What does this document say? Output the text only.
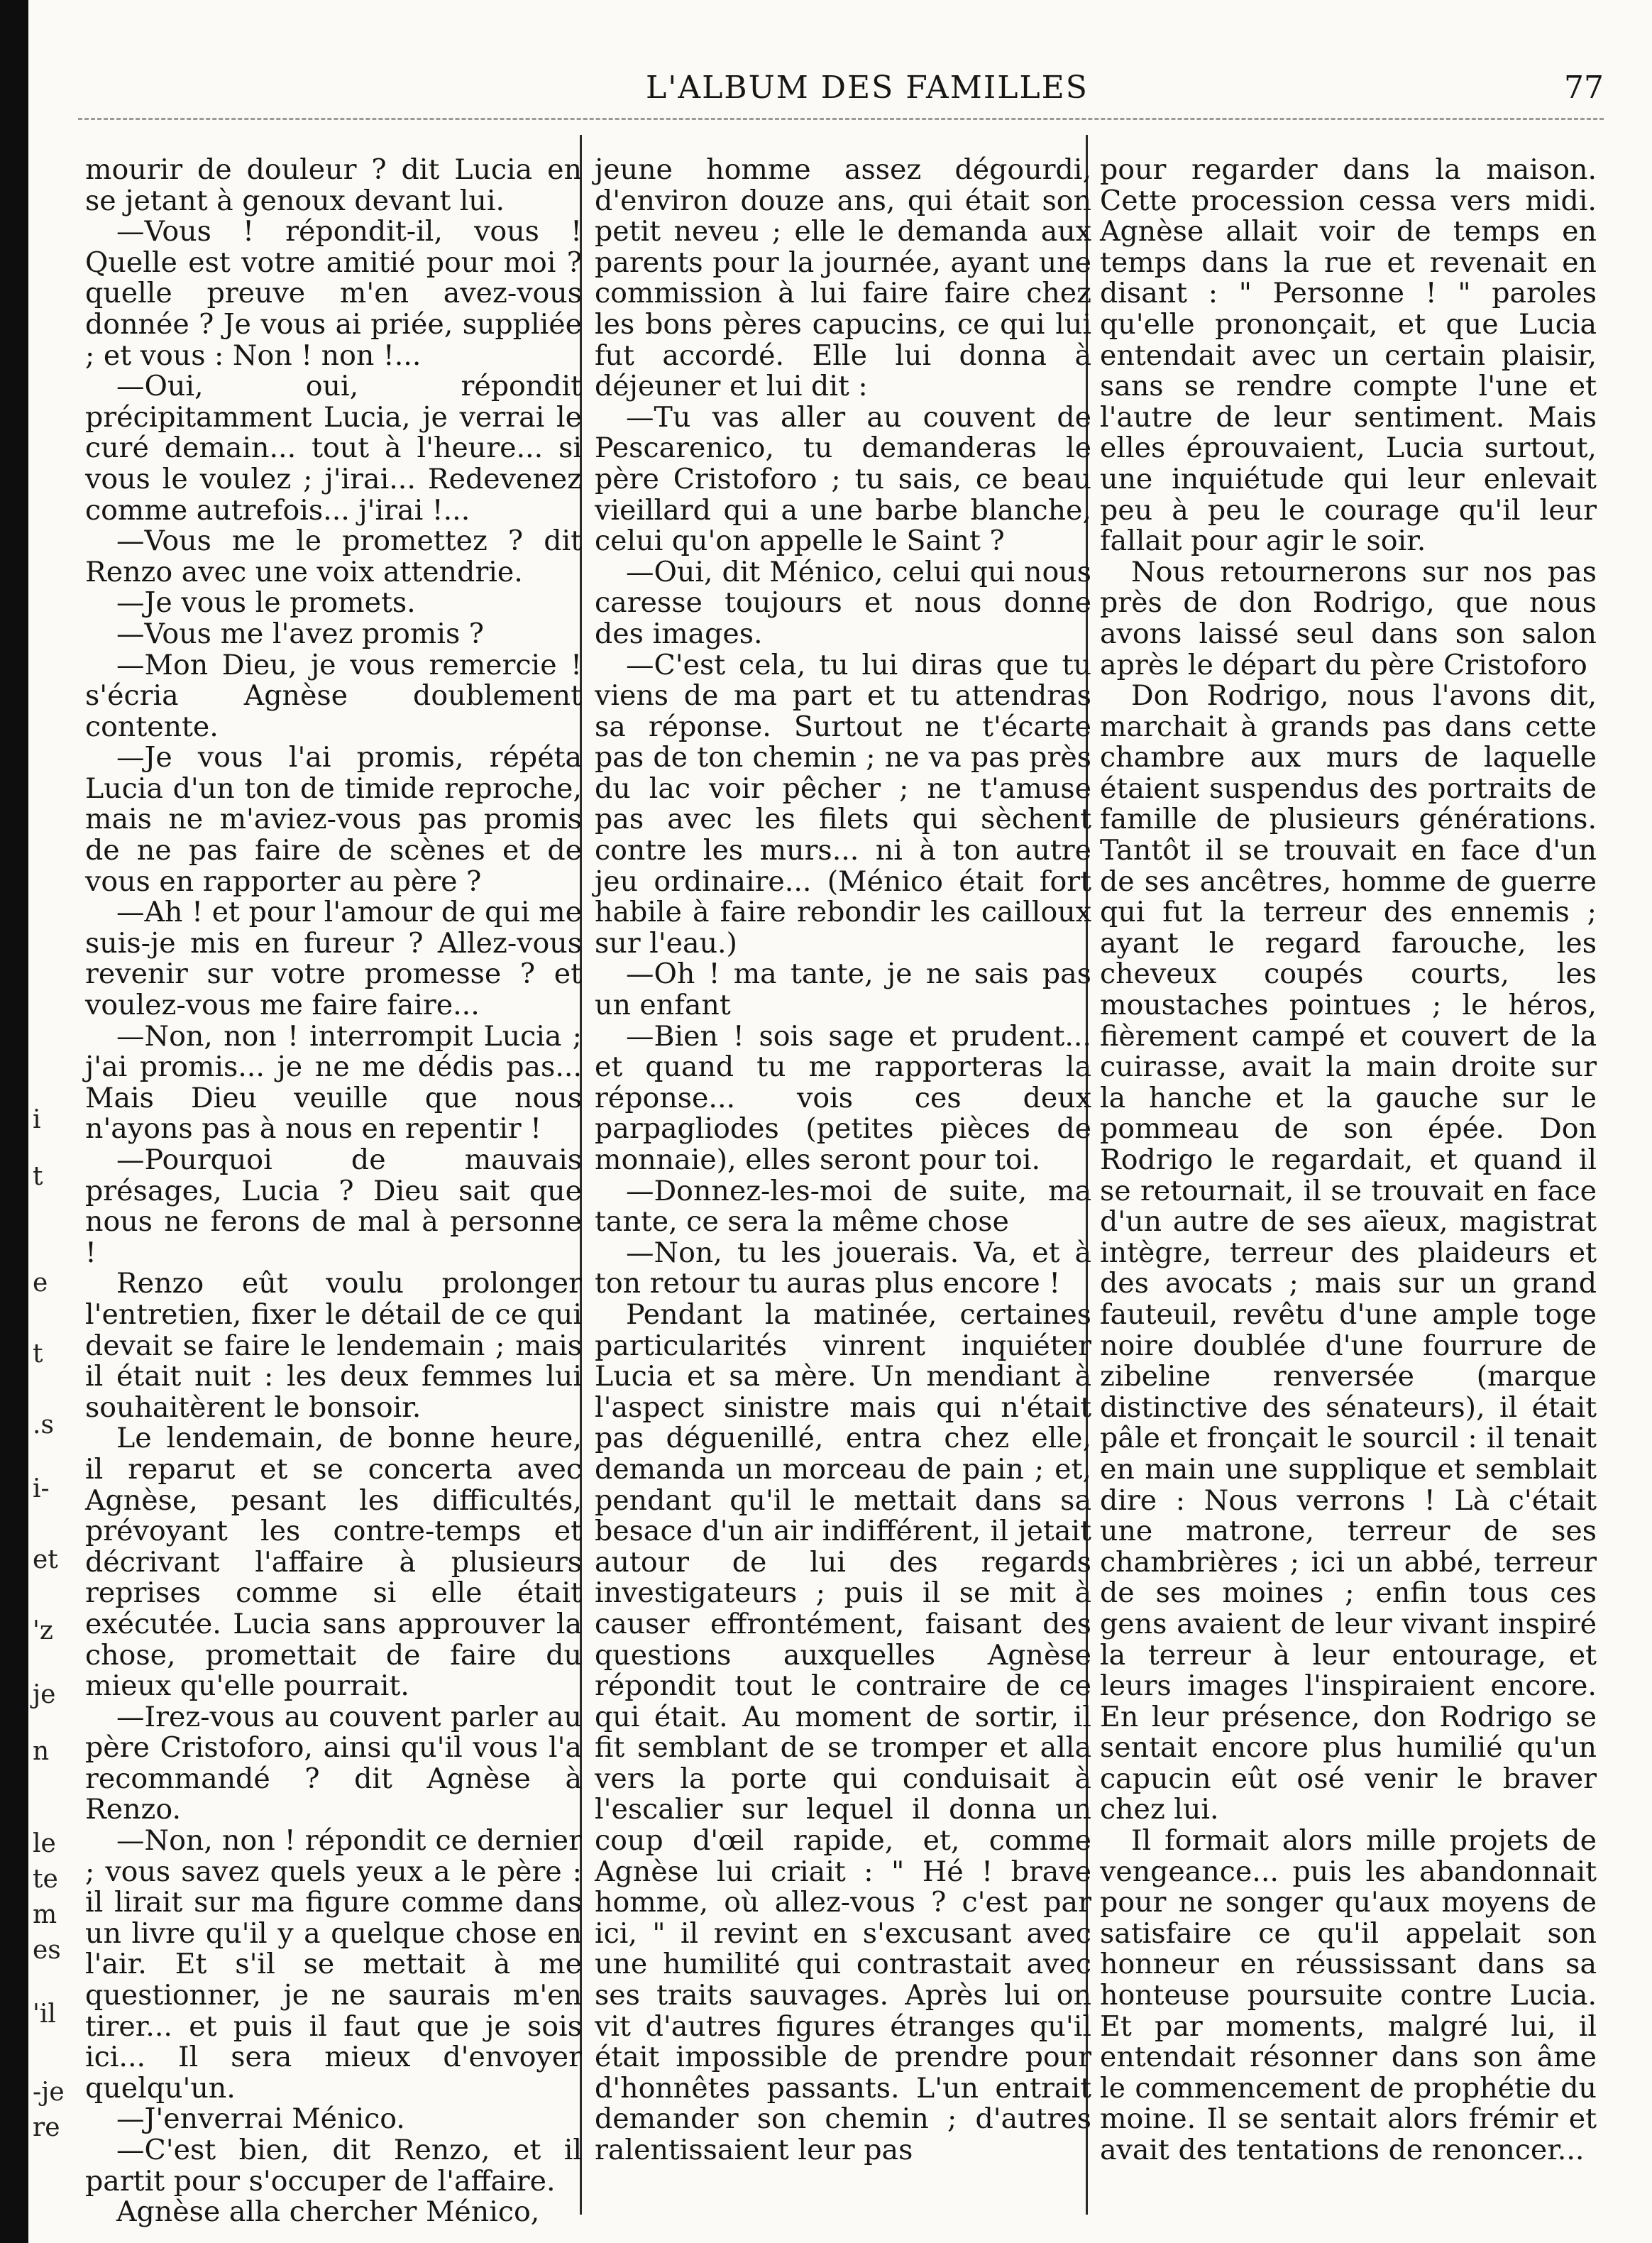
i
t
e
t
.s
i-
et
'z
je
n
le
te
m
es
'il
-je
re
L'ALBUM DES FAMILLES	77

mourir de douleur ? dit Lucia en se jetant à genoux devant lui.

—Vous ! répondit-il, vous ! Quelle est votre amitié pour moi ? quelle preuve m'en avez-vous donnée ? Je vous ai priée, suppliée ; et vous : Non ! non !...

—Oui, oui, répondit précipitamment Lucia, je verrai le curé demain... tout à l'heure... si vous le voulez ; j'irai... Redevenez comme autrefois... j'irai !...

—Vous me le promettez ? dit Renzo avec une voix attendrie.

—Je vous le promets.

—Vous me l'avez promis ?

—Mon Dieu, je vous remercie ! s'écria Agnèse doublement contente.

—Je vous l'ai promis, répéta Lucia d'un ton de timide reproche, mais ne m'aviez-vous pas promis de ne pas faire de scènes et de vous en rapporter au père ?

—Ah ! et pour l'amour de qui me suis-je mis en fureur ? Allez-vous revenir sur votre promesse ? et voulez-vous me faire faire...

—Non, non ! interrompit Lucia ; j'ai promis... je ne me dédis pas... Mais Dieu veuille que nous n'ayons pas à nous en repentir !

—Pourquoi de mauvais présages, Lucia ? Dieu sait que nous ne ferons de mal à personne !

Renzo eût voulu prolonger l'entretien, fixer le détail de ce qui devait se faire le lendemain ; mais il était nuit : les deux femmes lui souhaitèrent le bonsoir.

Le lendemain, de bonne heure, il reparut et se concerta avec Agnèse, pesant les difficultés, prévoyant les contre-temps et décrivant l'affaire à plusieurs reprises comme si elle était exécutée. Lucia sans approuver la chose, promettait de faire du mieux qu'elle pourrait.

—Irez-vous au couvent parler au père Cristoforo, ainsi qu'il vous l'a recommandé ? dit Agnèse à Renzo.

—Non, non ! répondit ce dernier ; vous savez quels yeux a le père : il lirait sur ma figure comme dans un livre qu'il y a quelque chose en l'air. Et s'il se mettait à me questionner, je ne saurais m'en tirer... et puis il faut que je sois ici... Il sera mieux d'envoyer quelqu'un.

—J'enverrai Ménico.

—C'est bien, dit Renzo, et il partit pour s'occuper de l'affaire.

Agnèse alla chercher Ménico,

jeune homme assez dégourdi, d'environ douze ans, qui était son petit neveu ; elle le demanda aux parents pour la journée, ayant une commission à lui faire faire chez les bons pères capucins, ce qui lui fut accordé. Elle lui donna à déjeuner et lui dit :

—Tu vas aller au couvent de Pescarenico, tu demanderas le père Cristoforo ; tu sais, ce beau vieillard qui a une barbe blanche, celui qu'on appelle le Saint ?

—Oui, dit Ménico, celui qui nous caresse toujours et nous donne des images.

—C'est cela, tu lui diras que tu viens de ma part et tu attendras sa réponse. Surtout ne t'écarte pas de ton chemin ; ne va pas près du lac voir pêcher ; ne t'amuse pas avec les filets qui sèchent contre les murs... ni à ton autre jeu ordinaire... (Ménico était fort habile à faire rebondir les cailloux sur l'eau.)

—Oh ! ma tante, je ne sais pas un enfant

—Bien ! sois sage et prudent... et quand tu me rapporteras la réponse... vois ces deux parpagliodes (petites pièces de monnaie), elles seront pour toi.

—Donnez-les-moi de suite, ma tante, ce sera la même chose

—Non, tu les jouerais. Va, et à ton retour tu auras plus encore !

Pendant la matinée, certaines particularités vinrent inquiéter Lucia et sa mère. Un mendiant à l'aspect sinistre mais qui n'était pas déguenillé, entra chez elle, demanda un morceau de pain ; et, pendant qu'il le mettait dans sa besace d'un air indifférent, il jetait autour de lui des regards investigateurs ; puis il se mit à causer effrontément, faisant des questions auxquelles Agnèse répondit tout le contraire de ce qui était. Au moment de sortir, il fit semblant de se tromper et alla vers la porte qui conduisait à l'escalier sur lequel il donna un coup d'œil rapide, et, comme Agnèse lui criait : " Hé ! brave homme, où allez-vous ? c'est par ici, " il revint en s'excusant avec une humilité qui contrastait avec ses traits sauvages. Après lui on vit d'autres figures étranges qu'il était impossible de prendre pour d'honnêtes passants. L'un entrait demander son chemin ; d'autres ralentissaient leur pas

pour regarder dans la maison. Cette procession cessa vers midi. Agnèse allait voir de temps en temps dans la rue et revenait en disant : " Personne ! " paroles qu'elle prononçait, et que Lucia entendait avec un certain plaisir, sans se rendre compte l'une et l'autre de leur sentiment. Mais elles éprouvaient, Lucia surtout, une inquiétude qui leur enlevait peu à peu le courage qu'il leur fallait pour agir le soir.

Nous retournerons sur nos pas près de don Rodrigo, que nous avons laissé seul dans son salon après le départ du père Cristoforo

Don Rodrigo, nous l'avons dit, marchait à grands pas dans cette chambre aux murs de laquelle étaient suspendus des portraits de famille de plusieurs générations. Tantôt il se trouvait en face d'un de ses ancêtres, homme de guerre qui fut la terreur des ennemis ; ayant le regard farouche, les cheveux coupés courts, les moustaches pointues ; le héros, fièrement campé et couvert de la cuirasse, avait la main droite sur la hanche et la gauche sur le pommeau de son épée. Don Rodrigo le regardait, et quand il se retournait, il se trouvait en face d'un autre de ses aïeux, magistrat intègre, terreur des plaideurs et des avocats ; mais sur un grand fauteuil, revêtu d'une ample toge noire doublée d'une fourrure de zibeline renversée (marque distinctive des sénateurs), il était pâle et fronçait le sourcil : il tenait en main une supplique et semblait dire : Nous verrons ! Là c'était une matrone, terreur de ses chambrières ; ici un abbé, terreur de ses moines ; enfin tous ces gens avaient de leur vivant inspiré la terreur à leur entourage, et leurs images l'inspiraient encore. En leur présence, don Rodrigo se sentait encore plus humilié qu'un capucin eût osé venir le braver chez lui.

Il formait alors mille projets de vengeance... puis les abandonnait pour ne songer qu'aux moyens de satisfaire ce qu'il appelait son honneur en réussissant dans sa honteuse poursuite contre Lucia. Et par moments, malgré lui, il entendait résonner dans son âme le commencement de prophétie du moine. Il se sentait alors frémir et avait des tentations de renoncer...
